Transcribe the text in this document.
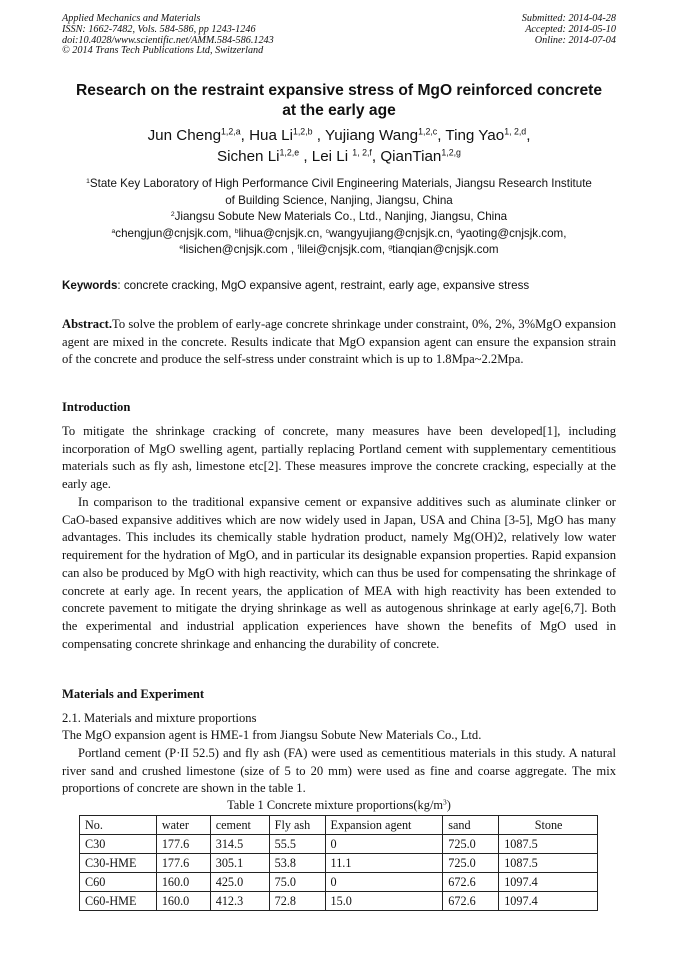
Applied Mechanics and Materials
ISSN: 1662-7482, Vols. 584-586, pp 1243-1246
doi:10.4028/www.scientific.net/AMM.584-586.1243
© 2014 Trans Tech Publications Ltd, Switzerland
Submitted: 2014-04-28
Accepted: 2014-05-10
Online: 2014-07-04
Research on the restraint expansive stress of MgO reinforced concrete
at the early age
Jun Cheng$^{1,2,a}$, Hua Li$^{1,2,b}$ , Yujiang Wang$^{1,2,c}$, Ting Yao$^{1, 2,d}$,
Sichen Li$^{1,2,e}$ , Lei Li $^{1, 2,f}$, QianTian$^{1,2,g}$
$^1$State Key Laboratory of High Performance Civil Engineering Materials, Jiangsu Research Institute
of Building Science, Nanjing, Jiangsu, China
$^2$Jiangsu Sobute New Materials Co., Ltd., Nanjing, Jiangsu, China
$^a$chengjun@cnjsjk.com, $^b$lihua@cnjsjk.cn, $^c$wangyujiang@cnjsjk.cn, $^d$yaoting@cnjsjk.com,
$^e$lisichen@cnjsjk.com , $^f$lilei@cnjsjk.com, $^g$tianqian@cnjsjk.com
Keywords: concrete cracking, MgO expansive agent, restraint, early age, expansive stress
Abstract.To solve the problem of early-age concrete shrinkage under constraint, 0%, 2%, 3%MgO expansion agent are mixed in the concrete. Results indicate that MgO expansion agent can ensure the expansion strain of the concrete and produce the self-stress under constraint which is up to 1.8Mpa~2.2Mpa.
Introduction
To mitigate the shrinkage cracking of concrete, many measures have been developed[1], including incorporation of MgO swelling agent, partially replacing Portland cement with supplementary cementitious materials such as fly ash, limestone etc[2]. These measures improve the concrete cracking, especially at the early age.
In comparison to the traditional expansive cement or expansive additives such as aluminate clinker or CaO-based expansive additives which are now widely used in Japan, USA and China [3-5], MgO has many advantages. This includes its chemically stable hydration product, namely Mg(OH)2, relatively low water requirement for the hydration of MgO, and in particular its designable expansion properties. Rapid expansion can also be produced by MgO with high reactivity, which can thus be used for compensating the shrinkage of concrete at early age. In recent years, the application of MEA with high reactivity has been extended to concrete pavement to mitigate the drying shrinkage as well as autogenous shrinkage at early age[6,7]. Both the experimental and industrial application experiences have shown the benefits of MgO used in compensating concrete shrinkage and enhancing the durability of concrete.
Materials and Experiment
2.1. Materials and mixture proportions
The MgO expansion agent is HME-1 from Jiangsu Sobute New Materials Co., Ltd.
Portland cement (P·II 52.5) and fly ash (FA) were used as cementitious materials in this study. A natural river sand and crushed limestone (size of 5 to 20 mm) were used as fine and coarse aggregate. The mix proportions of concrete are shown in the table 1.
Table 1 Concrete mixture $proportions(kg/m^3)$
No.	water	cement	Fly ash	Expansion agent	sand	Stone
C30	177.6	314.5	55.5	0	725.0	1087.5
C30-HME	177.6	305.1	53.8	11.1	725.0	1087.5
C60	160.0	425.0	75.0	0	672.6	1097.4
C60-HME	160.0	412.3	72.8	15.0	672.6	1097.4
